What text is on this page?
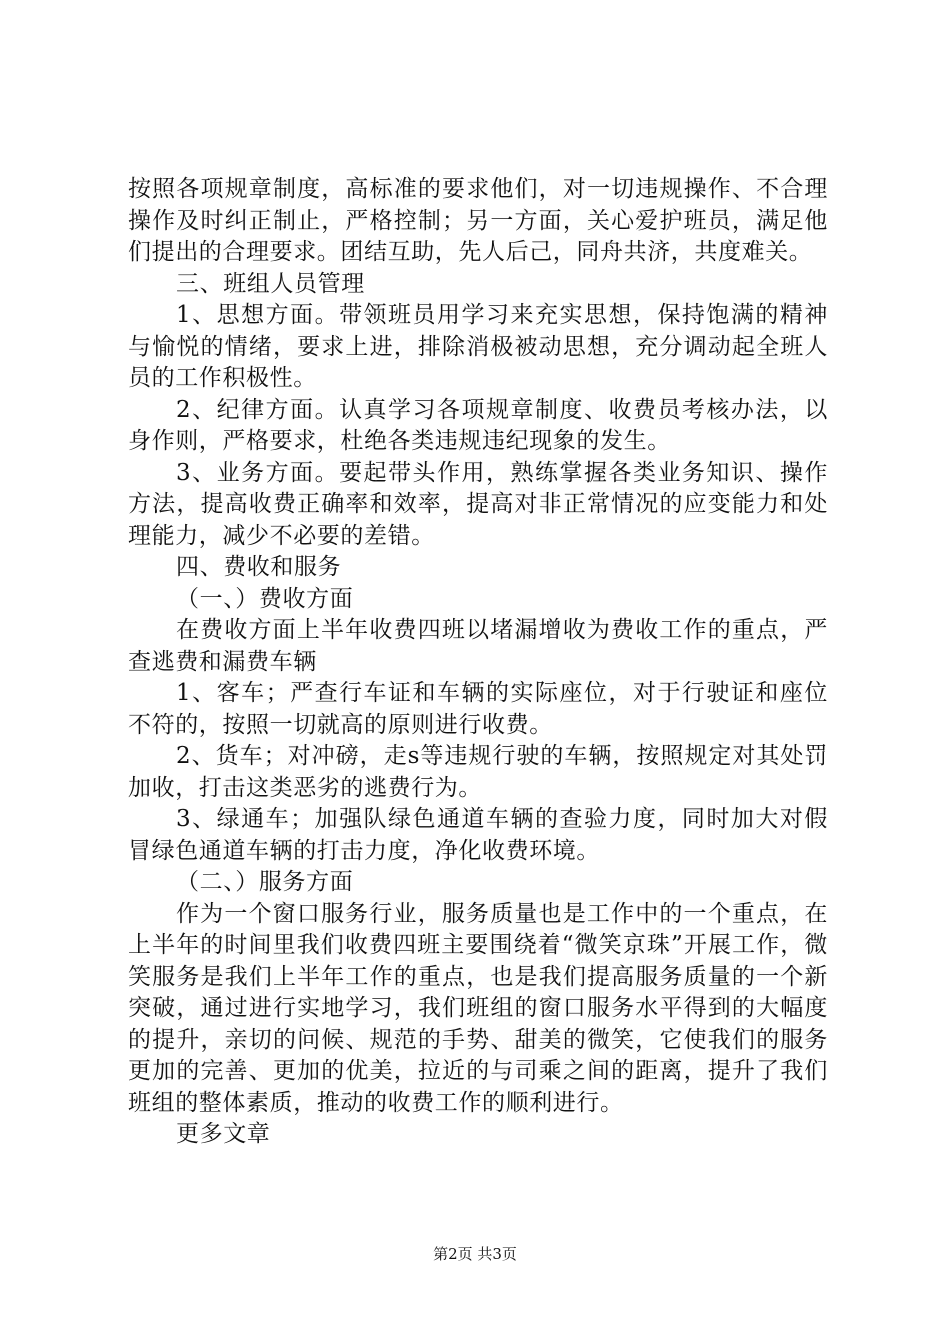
按照各项规章制度，高标准的要求他们，对一切违规操作、不合理操作及时纠正制止，严格控制；另一方面，关心爱护班员，满足他们提出的合理要求。团结互助，先人后己，同舟共济，共度难关。

三、班组人员管理

1、思想方面。带领班员用学习来充实思想，保持饱满的精神与愉悦的情绪，要求上进，排除消极被动思想，充分调动起全班人员的工作积极性。

2、纪律方面。认真学习各项规章制度、收费员考核办法，以身作则，严格要求，杜绝各类违规违纪现象的发生。

3、业务方面。要起带头作用，熟练掌握各类业务知识、操作方法，提高收费正确率和效率，提高对非正常情况的应变能力和处理能力，减少不必要的差错。

四、费收和服务

（一、）费收方面

在费收方面上半年收费四班以堵漏增收为费收工作的重点，严查逃费和漏费车辆

1、客车；严查行车证和车辆的实际座位，对于行驶证和座位不符的，按照一切就高的原则进行收费。

2、货车；对冲磅，走s等违规行驶的车辆，按照规定对其处罚加收，打击这类恶劣的逃费行为。

3、绿通车；加强队绿色通道车辆的查验力度，同时加大对假冒绿色通道车辆的打击力度，净化收费环境。

（二、）服务方面

作为一个窗口服务行业，服务质量也是工作中的一个重点，在上半年的时间里我们收费四班主要围绕着“微笑京珠”开展工作，微笑服务是我们上半年工作的重点，也是我们提高服务质量的一个新突破，通过进行实地学习，我们班组的窗口服务水平得到的大幅度的提升，亲切的问候、规范的手势、甜美的微笑，它使我们的服务更加的完善、更加的优美，拉近的与司乘之间的距离，提升了我们班组的整体素质，推动的收费工作的顺利进行。

更多文章

第2页 共3页
